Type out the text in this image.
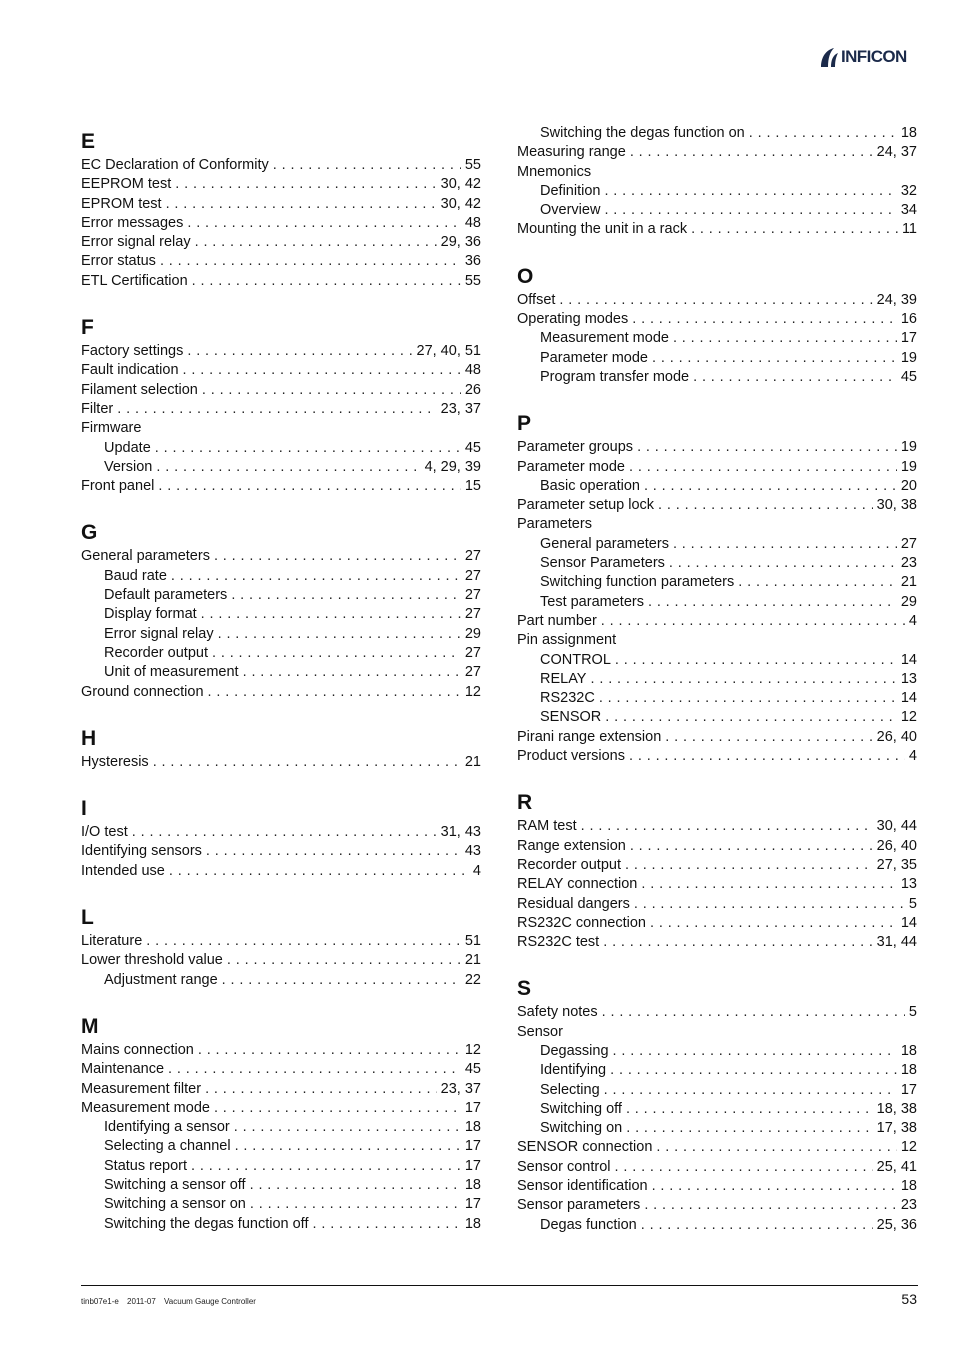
INFICON
E
EC Declaration of Conformity . . .	55
EEPROM test . . .	30, 42
EPROM test . . .	30, 42
Error messages . . .	48
Error signal relay . . .	29, 36
Error status . . .	36
ETL Certification . . .	55
F
Factory settings . . .	27, 40, 51
Fault indication . . .	48
Filament selection . . .	26
Filter . . .	23, 37
Firmware
Update . . .	45
Version . . .	4, 29, 39
Front panel . . .	15
G
General parameters . . .	27
Baud rate . . .	27
Default parameters . . .	27
Display format . . .	27
Error signal relay . . .	29
Recorder output . . .	27
Unit of measurement . . .	27
Ground connection . . .	12
H
Hysteresis . . .	21
I
I/O test . . .	31, 43
Identifying sensors . . .	43
Intended use . . .	4
L
Literature . . .	51
Lower threshold value . . .	21
Adjustment range . . .	22
M
Mains connection . . .	12
Maintenance . . .	45
Measurement filter . . .	23, 37
Measurement mode . . .	17
Identifying a sensor . . .	18
Selecting a channel . . .	17
Status report . . .	17
Switching a sensor off . . .	18
Switching a sensor on . . .	17
Switching the degas function off . . .	18
Switching the degas function on . . .	18
Measuring range . . .	24, 37
Mnemonics
Definition . . .	32
Overview . . .	34
Mounting the unit in a rack . . .	11
O
Offset . . .	24, 39
Operating modes . . .	16
Measurement mode . . .	17
Parameter mode . . .	19
Program transfer mode . . .	45
P
Parameter groups . . .	19
Parameter mode . . .	19
Basic operation . . .	20
Parameter setup lock . . .	30, 38
Parameters
General parameters . . .	27
Sensor Parameters . . .	23
Switching function parameters . . .	21
Test parameters . . .	29
Part number . . .	4
Pin assignment
CONTROL . . .	14
RELAY . . .	13
RS232C . . .	14
SENSOR . . .	12
Pirani range extension . . .	26, 40
Product versions . . .	4
R
RAM test . . .	30, 44
Range extension . . .	26, 40
Recorder output . . .	27, 35
RELAY connection . . .	13
Residual dangers . . .	5
RS232C connection . . .	14
RS232C test . . .	31, 44
S
Safety notes . . .	5
Sensor
Degassing . . .	18
Identifying . . .	18
Selecting . . .	17
Switching off . . .	18, 38
Switching on . . .	17, 38
SENSOR connection . . .	12
Sensor control . . .	25, 41
Sensor identification . . .	18
Sensor parameters . . .	23
Degas function . . .	25, 36
tinb07e1-e 2011-07 Vacuum Gauge Controller	53
